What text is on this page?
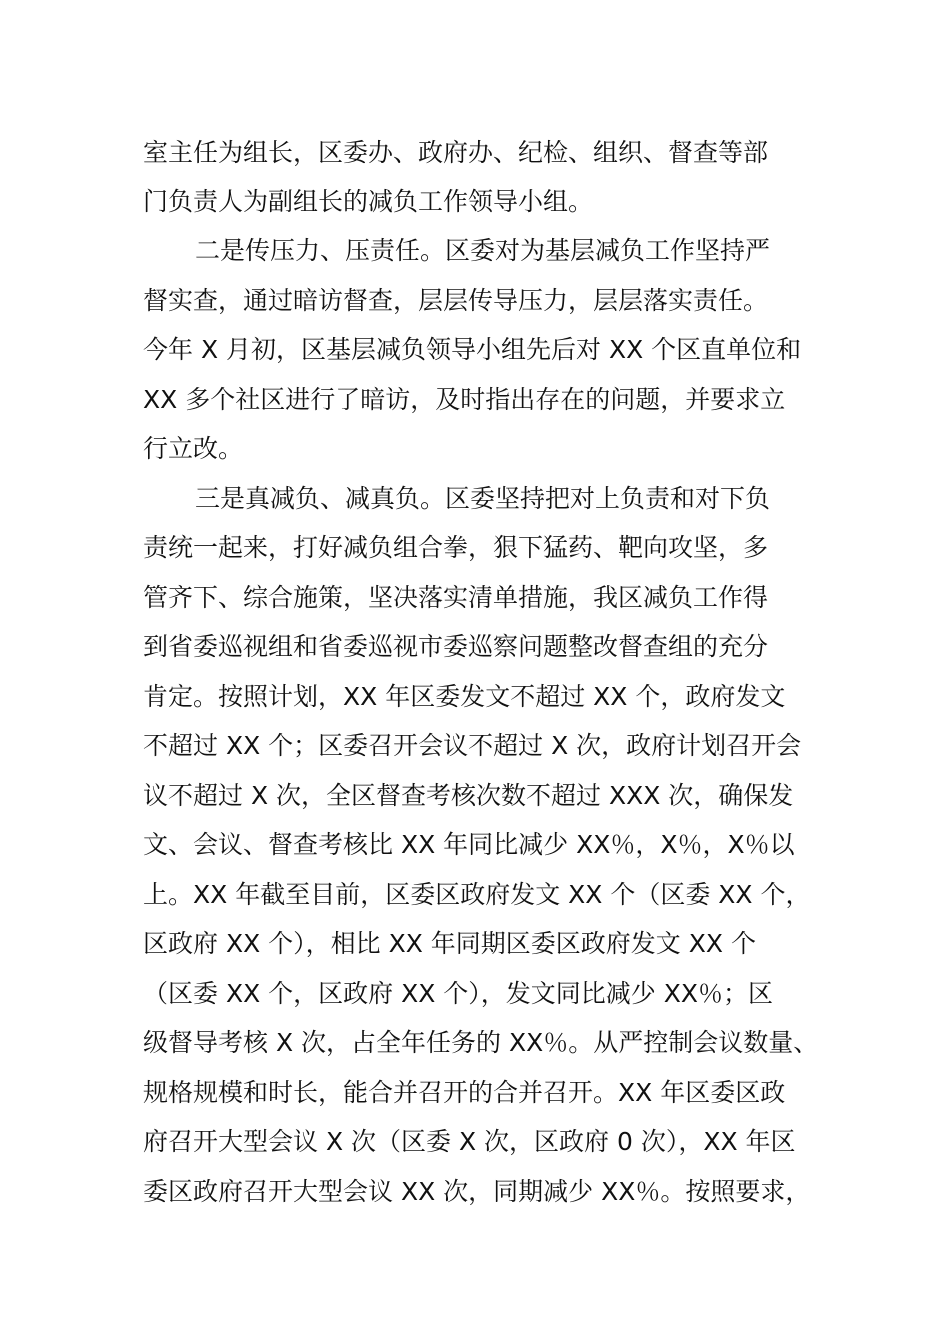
室主任为组长，区委办、政府办、纪检、组织、督查等部
门负责人为副组长的减负工作领导小组。
二是传压力、压责任。区委对为基层减负工作坚持严
督实查，通过暗访督查，层层传导压力，层层落实责任。
今年 X 月初，区基层减负领导小组先后对 XX 个区直单位和
XX 多个社区进行了暗访，及时指出存在的问题，并要求立
行立改。
三是真减负、减真负。区委坚持把对上负责和对下负
责统一起来，打好减负组合拳，狠下猛药、靶向攻坚，多
管齐下、综合施策，坚决落实清单措施，我区减负工作得
到省委巡视组和省委巡视市委巡察问题整改督查组的充分
肯定。按照计划，XX 年区委发文不超过 XX 个，政府发文
不超过 XX 个；区委召开会议不超过 X 次，政府计划召开会
议不超过 X 次，全区督查考核次数不超过 XXX 次，确保发
文、会议、督查考核比 XX 年同比减少 XX％，X％，X％以
上。XX 年截至目前，区委区政府发文 XX 个（区委 XX 个，
区政府 XX 个），相比 XX 年同期区委区政府发文 XX 个
（区委 XX 个，区政府 XX 个），发文同比减少 XX％；区
级督导考核 X 次，占全年任务的 XX％。从严控制会议数量、
规格规模和时长，能合并召开的合并召开。XX 年区委区政
府召开大型会议 X 次（区委 X 次，区政府 0 次），XX 年区
委区政府召开大型会议 XX 次，同期减少 XX％。按照要求，
